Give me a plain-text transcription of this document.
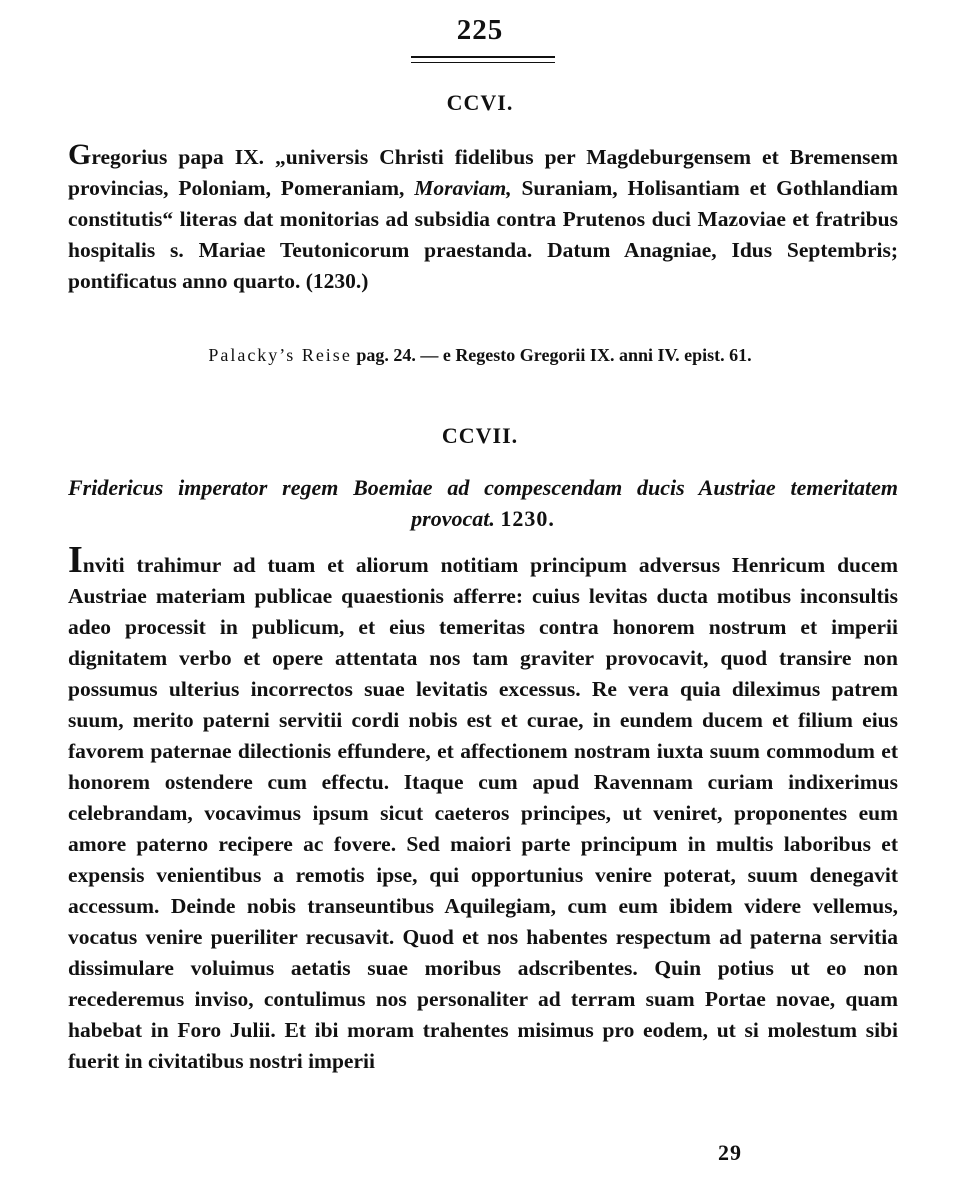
225
CCVI.

Gregorius papa IX. „universis Christi fidelibus per Magdeburgensem et Bremensem provincias, Poloniam, Pomeraniam, Moraviam, Suraniam, Holisantiam et Gothlandiam constitutis“ literas dat monitorias ad subsidia contra Prutenos duci Mazoviae et fratribus hospitalis s. Mariae Teutonicorum praestanda. Datum Anagniae, Idus Septembris; pontificatus anno quarto. (1230.)

Palacky’s Reise pag. 24. — e Regesto Gregorii IX. anni IV. epist. 61.

CCVII.

Fridericus imperator regem Boemiae ad compescendam ducis Austriae temeritatem provocat. 1230.

Inviti trahimur ad tuam et aliorum notitiam principum adversus Henricum ducem Austriae materiam publicae quaestionis afferre: cuius levitas ducta motibus inconsultis adeo processit in publicum, et eius temeritas contra honorem nostrum et imperii dignitatem verbo et opere attentata nos tam graviter provocavit, quod transire non possumus ulterius incorrectos suae levitatis excessus. Re vera quia dileximus patrem suum, merito paterni servitii cordi nobis est et curae, in eundem ducem et filium eius favorem paternae dilectionis effundere, et affectionem nostram iuxta suum commodum et honorem ostendere cum effectu. Itaque cum apud Ravennam curiam indixerimus celebrandam, vocavimus ipsum sicut caeteros principes, ut veniret, proponentes eum amore paterno recipere ac fovere. Sed maiori parte principum in multis laboribus et expensis venientibus a remotis ipse, qui opportunius venire poterat, suum denegavit accessum. Deinde nobis transeuntibus Aquilegiam, cum eum ibidem videre vellemus, vocatus venire pueriliter recusavit. Quod et nos habentes respectum ad paterna servitia dissimulare voluimus aetatis suae moribus adscribentes. Quin potius ut eo non recederemus inviso, contulimus nos personaliter ad terram suam Portae novae, quam habebat in Foro Julii. Et ibi moram trahentes misimus pro eodem, ut si molestum sibi fuerit in civitatibus nostri imperii

29
